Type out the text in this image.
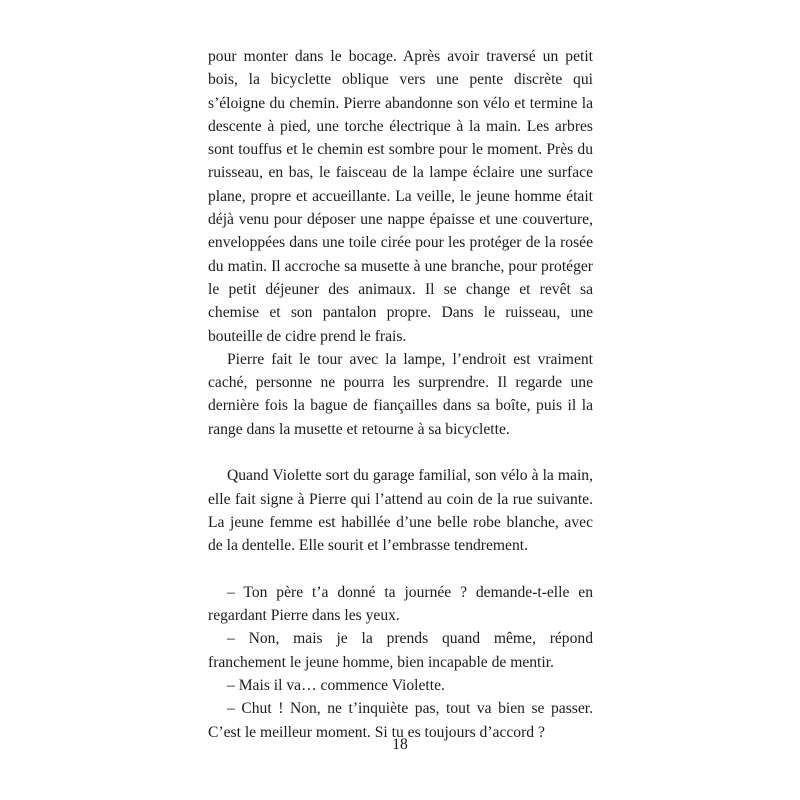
pour monter dans le bocage. Après avoir traversé un petit bois, la bicyclette oblique vers une pente discrète qui s’éloigne du chemin. Pierre abandonne son vélo et termine la descente à pied, une torche électrique à la main. Les arbres sont touffus et le chemin est sombre pour le moment. Près du ruisseau, en bas, le faisceau de la lampe éclaire une surface plane, propre et accueillante. La veille, le jeune homme était déjà venu pour déposer une nappe épaisse et une couverture, enveloppées dans une toile cirée pour les protéger de la rosée du matin. Il accroche sa musette à une branche, pour protéger le petit déjeuner des animaux. Il se change et revêt sa chemise et son pantalon propre. Dans le ruisseau, une bouteille de cidre prend le frais.

Pierre fait le tour avec la lampe, l’endroit est vraiment caché, personne ne pourra les surprendre. Il regarde une dernière fois la bague de fiançailles dans sa boîte, puis il la range dans la musette et retourne à sa bicyclette.

Quand Violette sort du garage familial, son vélo à la main, elle fait signe à Pierre qui l’attend au coin de la rue suivante. La jeune femme est habillée d’une belle robe blanche, avec de la dentelle. Elle sourit et l’embrasse tendrement.

– Ton père t’a donné ta journée ? demande-t-elle en regardant Pierre dans les yeux.

– Non, mais je la prends quand même, répond franchement le jeune homme, bien incapable de mentir.

– Mais il va… commence Violette.

– Chut ! Non, ne t’inquiète pas, tout va bien se passer. C’est le meilleur moment. Si tu es toujours d’accord ?

18
